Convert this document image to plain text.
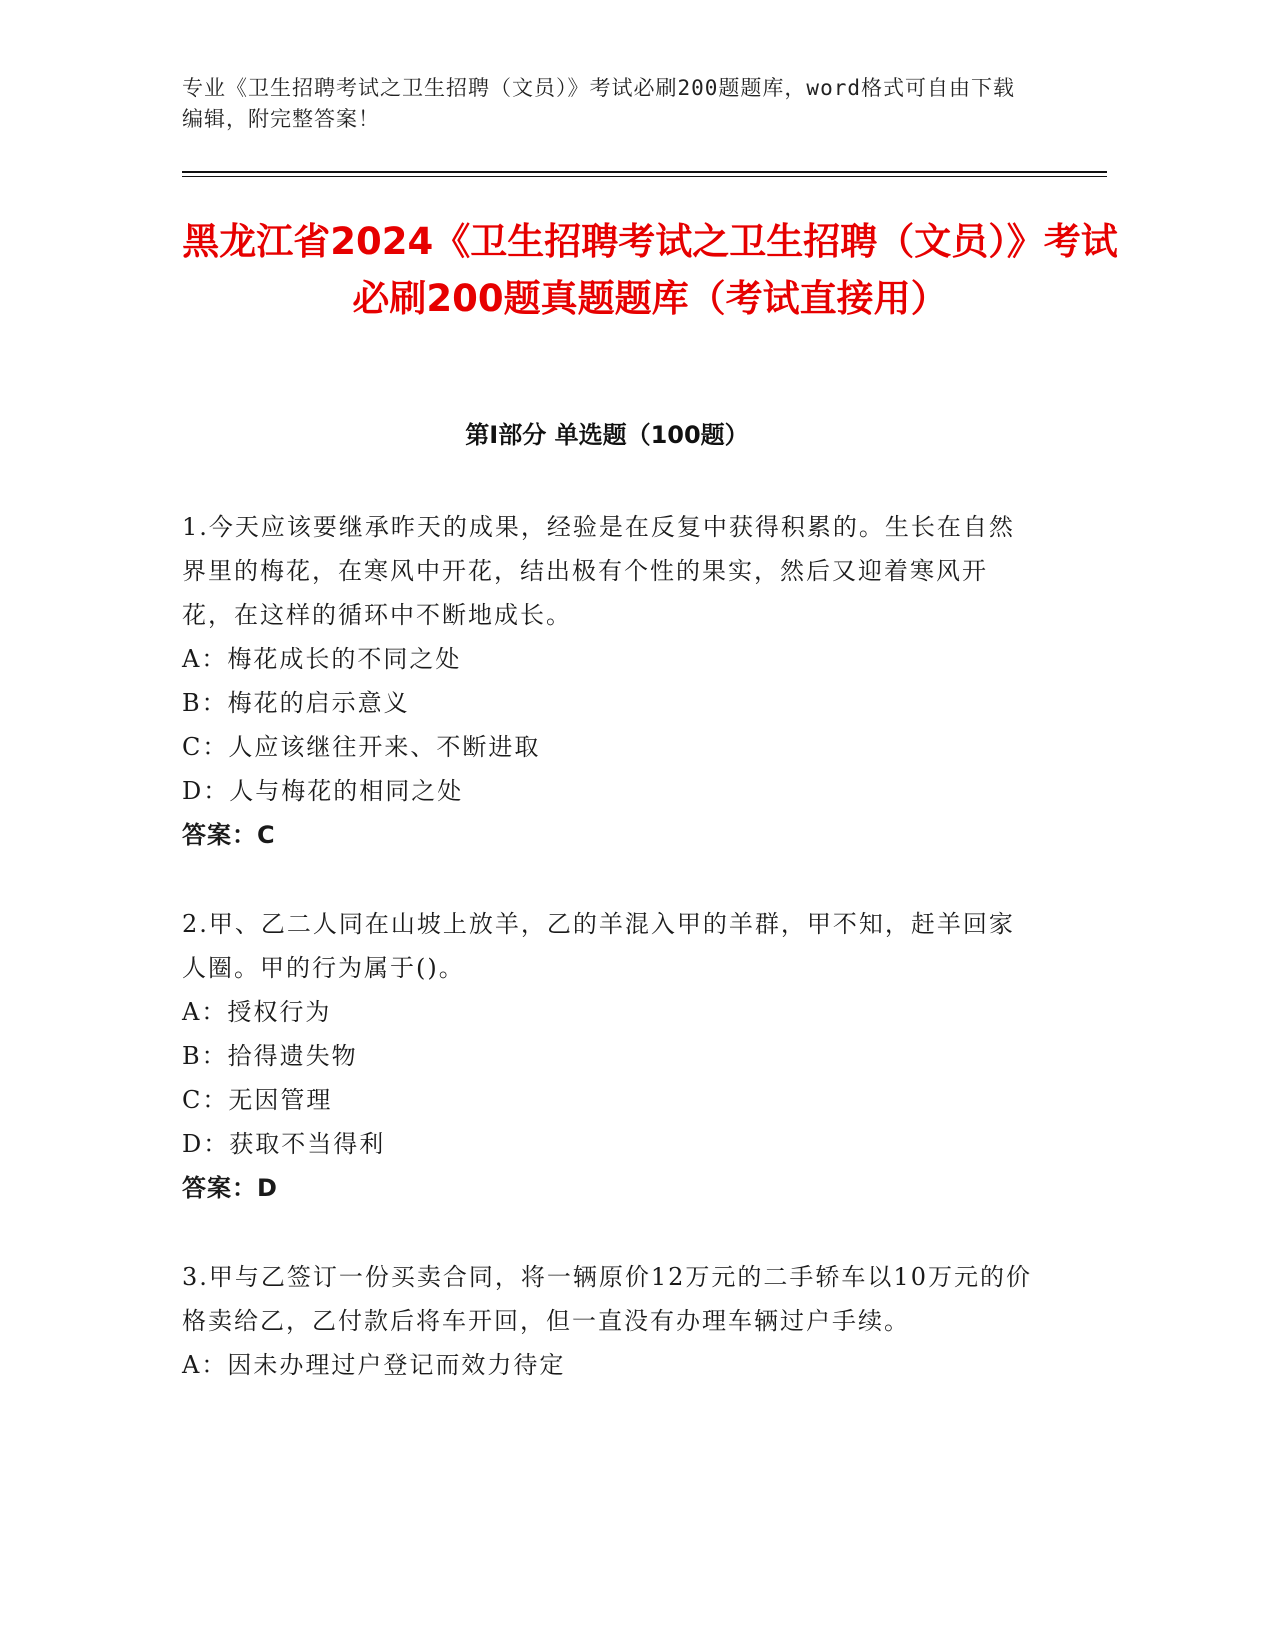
专业《卫生招聘考试之卫生招聘（文员）》考试必刷200题题库，word格式可自由下载编辑，附完整答案！
黑龙江省2024《卫生招聘考试之卫生招聘（文员）》考试必刷200题真题题库（考试直接用）
第I部分 单选题（100题）

1.今天应该要继承昨天的成果，经验是在反复中获得积累的。生长在自然界里的梅花，在寒风中开花，结出极有个性的果实，然后又迎着寒风开花，在这样的循环中不断地成长。

A：梅花成长的不同之处

B：梅花的启示意义

C：人应该继往开来、不断进取

D：人与梅花的相同之处

答案：C

2.甲、乙二人同在山坡上放羊，乙的羊混入甲的羊群，甲不知，赶羊回家人圈。甲的行为属于()。

A：授权行为

B：拾得遗失物

C：无因管理

D：获取不当得利

答案：D

3.甲与乙签订一份买卖合同，将一辆原价12万元的二手轿车以10万元的价格卖给乙，乙付款后将车开回，但一直没有办理车辆过户手续。

A：因未办理过户登记而效力待定
